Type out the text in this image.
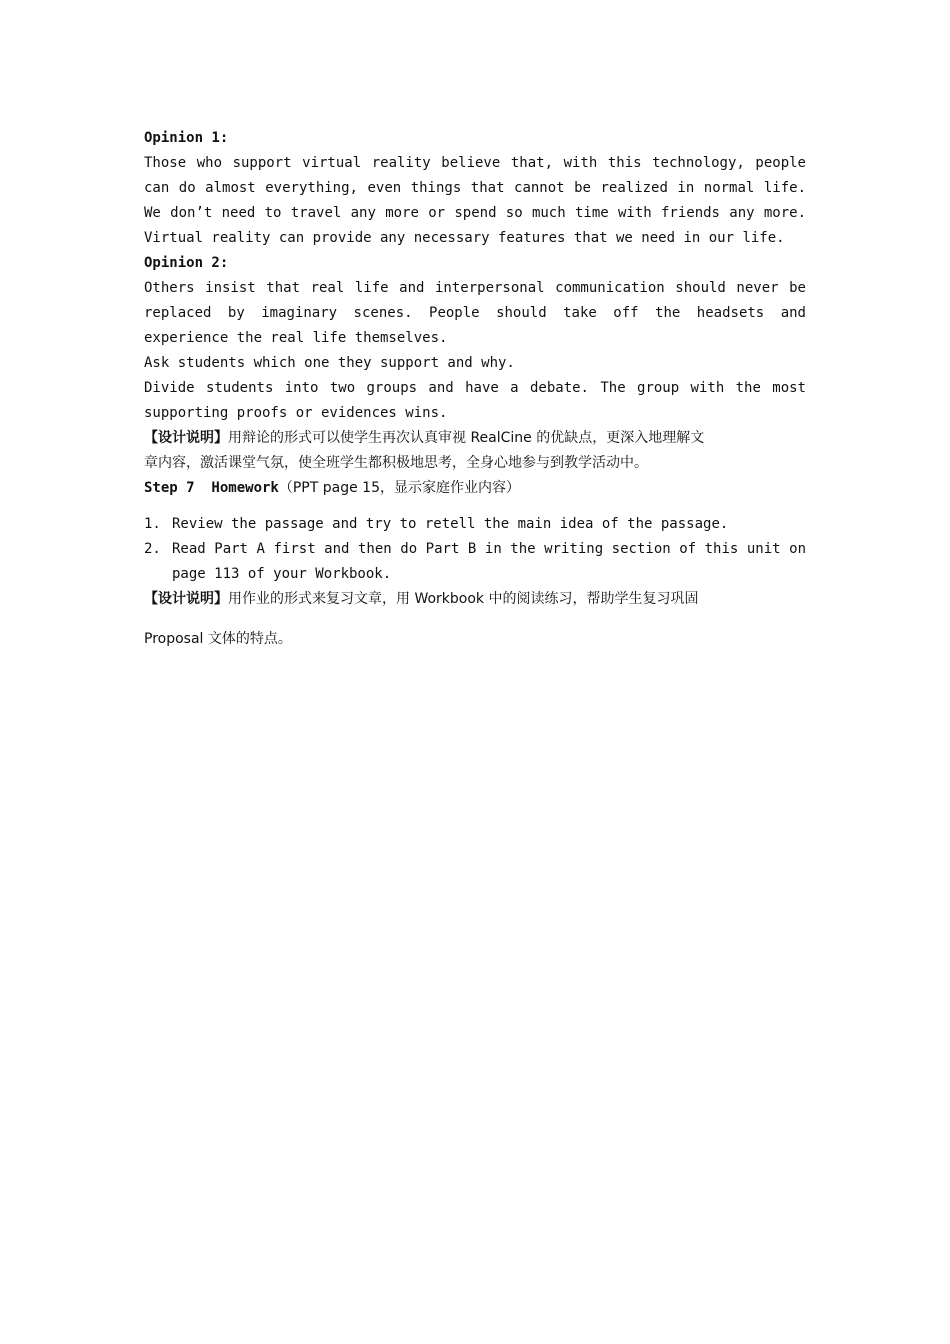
Opinion 1:
Those who support virtual reality believe that, with this technology, people
can do almost everything, even things that cannot be realized in normal life.
We don’t need to travel any more or spend so much time with friends any more.
Virtual reality can provide any necessary features that we need in our life.
Opinion 2:
Others insist that real life and interpersonal communication should never be
replaced by imaginary scenes. People should take off the headsets and
experience the real life themselves.
Ask students which one they support and why.
Divide students into two groups and have a debate. The group with the most
supporting proofs or evidences wins.
【设计说明】用辩论的形式可以使学生再次认真审视 RealCine 的优缺点，更深入地理解文
章内容，激活课堂气氛，使全班学生都积极地思考，全身心地参与到教学活动中。
Step 7  Homework（PPT page 15，显示家庭作业内容）
1. Review the passage and try to retell the main idea of the passage.
2. Read Part A first and then do Part B in the writing section of this unit on
page 113 of your Workbook.
【设计说明】用作业的形式来复习文章，用 Workbook 中的阅读练习，帮助学生复习巩固
Proposal 文体的特点。
